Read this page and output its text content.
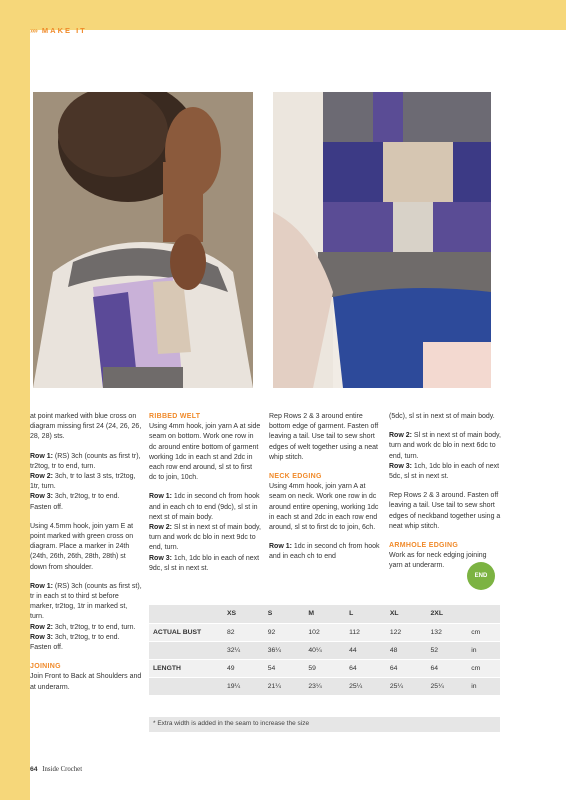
»» MAKE IT

at point marked with blue cross on diagram missing first 24 (24, 26, 26, 28, 28) sts.

Row 1: (RS) 3ch (counts as first tr), tr2tog, tr to end, turn.
Row 2: 3ch, tr to last 3 sts, tr2tog, 1tr, turn.
Row 3: 3ch, tr2tog, tr to end. Fasten off.

Using 4.5mm hook, join yarn E at point marked with green cross on diagram. Place a marker in 24th (24th, 26th, 26th, 28th, 28th) st down from shoulder.

Row 1: (RS) 3ch (counts as first st), tr in each st to third st before marker, tr2tog, 1tr in marked st, turn.
Row 2: 3ch, tr2tog, tr to end, turn.
Row 3: 3ch, tr2tog, tr to end. Fasten off.

JOINING

Join Front to Back at Shoulders and at underarm.

RIBBED WELT

Using 4mm hook, join yarn A at side seam on bottom. Work one row in dc around entire bottom of garment working 1dc in each st and 2dc in each row end around, sl st to first dc to join, 10ch.

Row 1: 1dc in second ch from hook and in each ch to end (9dc), sl st in next st of main body.
Row 2: Sl st in next st of main body, turn and work dc blo in next 9dc to end, turn.
Row 3: 1ch, 1dc blo in each of next 9dc, sl st in next st.

Rep Rows 2 & 3 around entire bottom edge of garment. Fasten off leaving a tail. Use tail to sew short edges of welt together using a neat whip stitch.

NECK EDGING

Using 4mm hook, join yarn A at seam on neck. Work one row in dc around entire opening, working 1dc in each st and 2dc in each row end around, sl st to first dc to join, 6ch.

Row 1: 1dc in second ch from hook and in each ch to end

(5dc), sl st in next st of main body.

Row 2: Sl st in next st of main body, turn and work dc blo in next 6dc to end, turn.
Row 3: 1ch, 1dc blo in each of next 5dc, sl st in next st.

Rep Rows 2 & 3 around. Fasten off leaving a tail. Use tail to sew short edges of neckband together using a neat whip stitch.

ARMHOLE EDGING

Work as for neck edging joining yarn at underarm.

END
	XS	S	M	L	XL	2XL	
ACTUAL BUST	82	92	102	112	122	132	cm
	32¼	36¼	40¼	44	48	52	in
LENGTH	49	54	59	64	64	64	cm
	19¼	21¼	23¼	25¼	25¼	25¼	in
* Extra width is added in the seam to increase the size
64 Inside Crochet
PassionForum.ru
